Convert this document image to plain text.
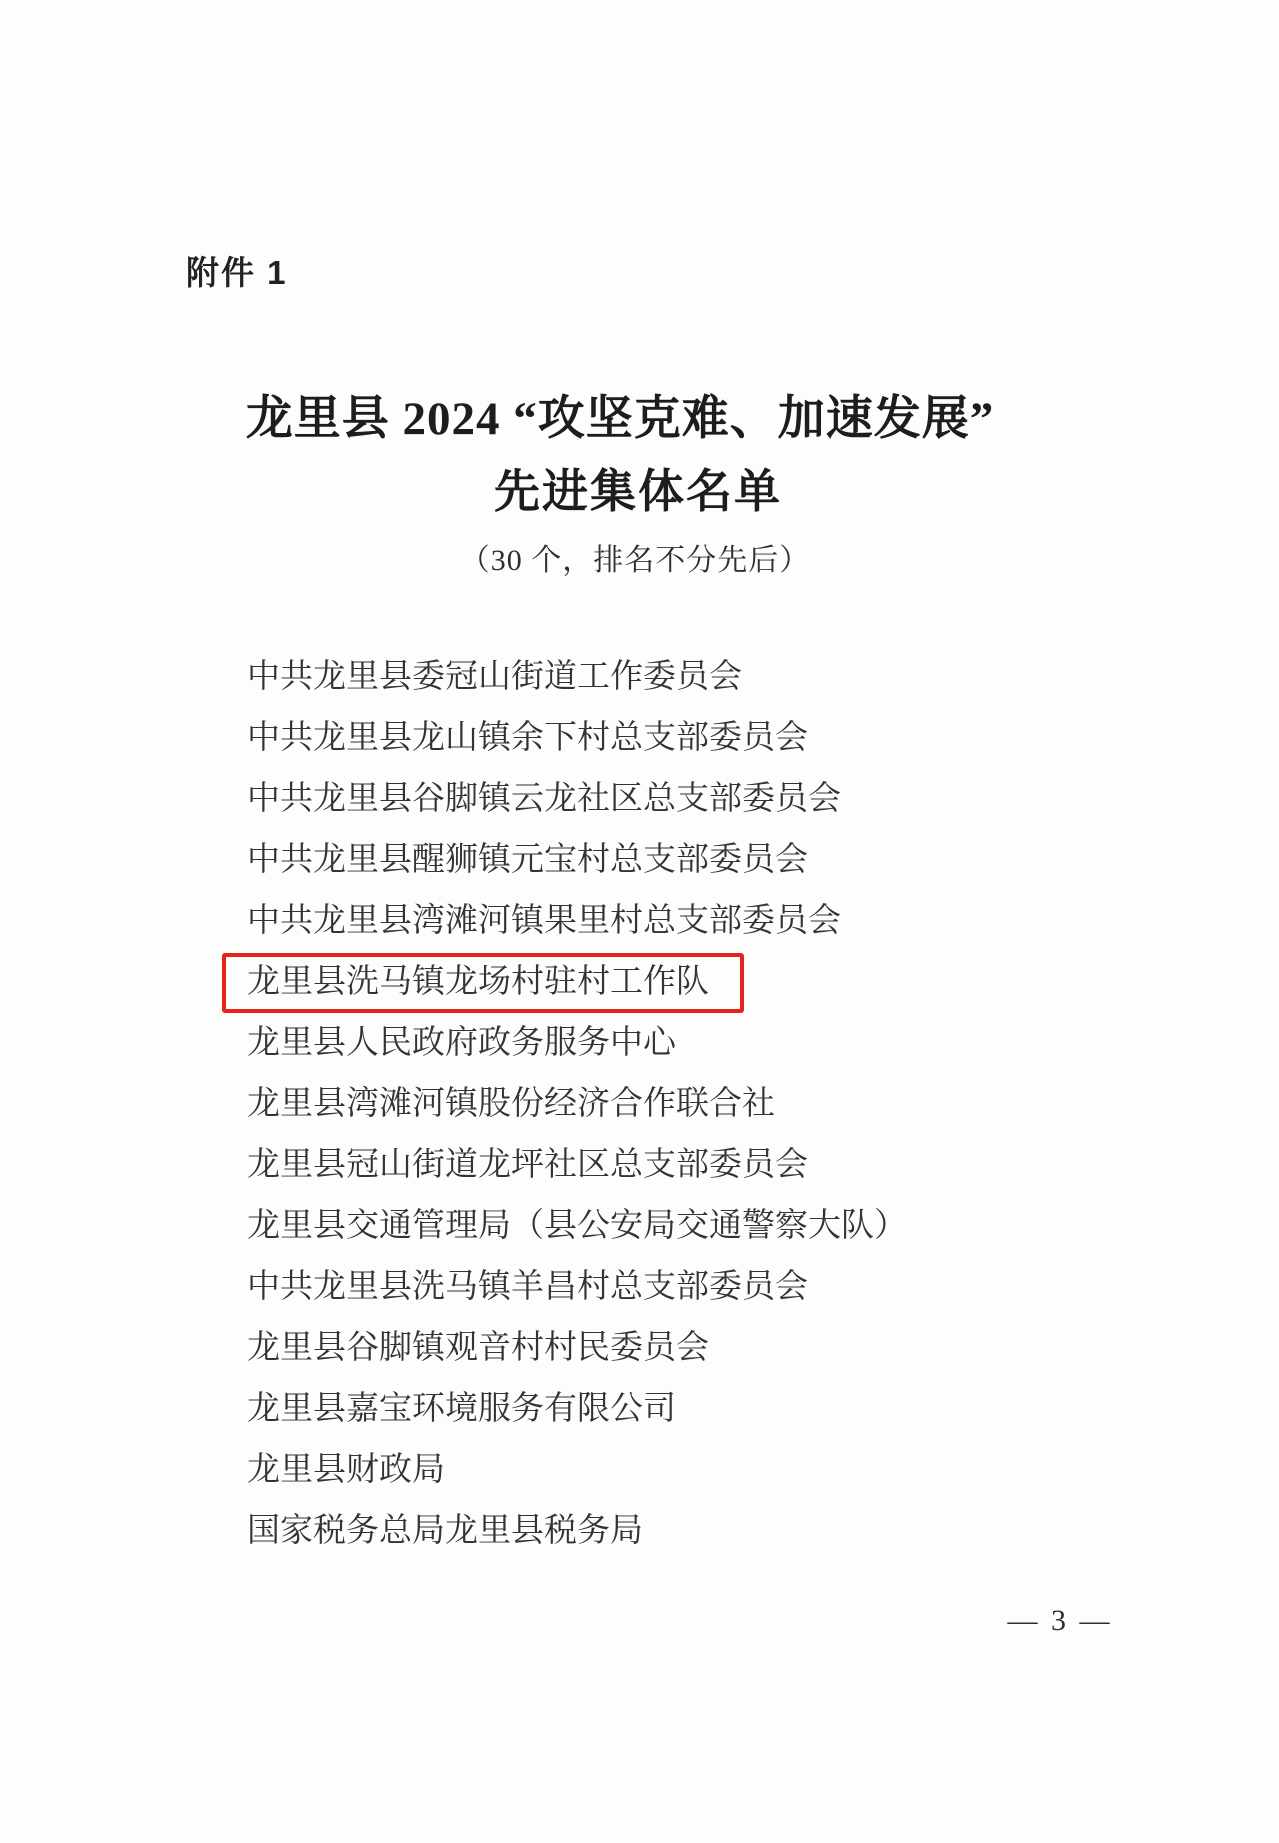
附件 1
龙里县 2024 “攻坚克难、加速发展”
先进集体名单
（30 个，排名不分先后）
中共龙里县委冠山街道工作委员会
中共龙里县龙山镇余下村总支部委员会
中共龙里县谷脚镇云龙社区总支部委员会
中共龙里县醒狮镇元宝村总支部委员会
中共龙里县湾滩河镇果里村总支部委员会
龙里县洗马镇龙场村驻村工作队
龙里县人民政府政务服务中心
龙里县湾滩河镇股份经济合作联合社
龙里县冠山街道龙坪社区总支部委员会
龙里县交通管理局（县公安局交通警察大队）
中共龙里县洗马镇羊昌村总支部委员会
龙里县谷脚镇观音村村民委员会
龙里县嘉宝环境服务有限公司
龙里县财政局
国家税务总局龙里县税务局
— 3 —
